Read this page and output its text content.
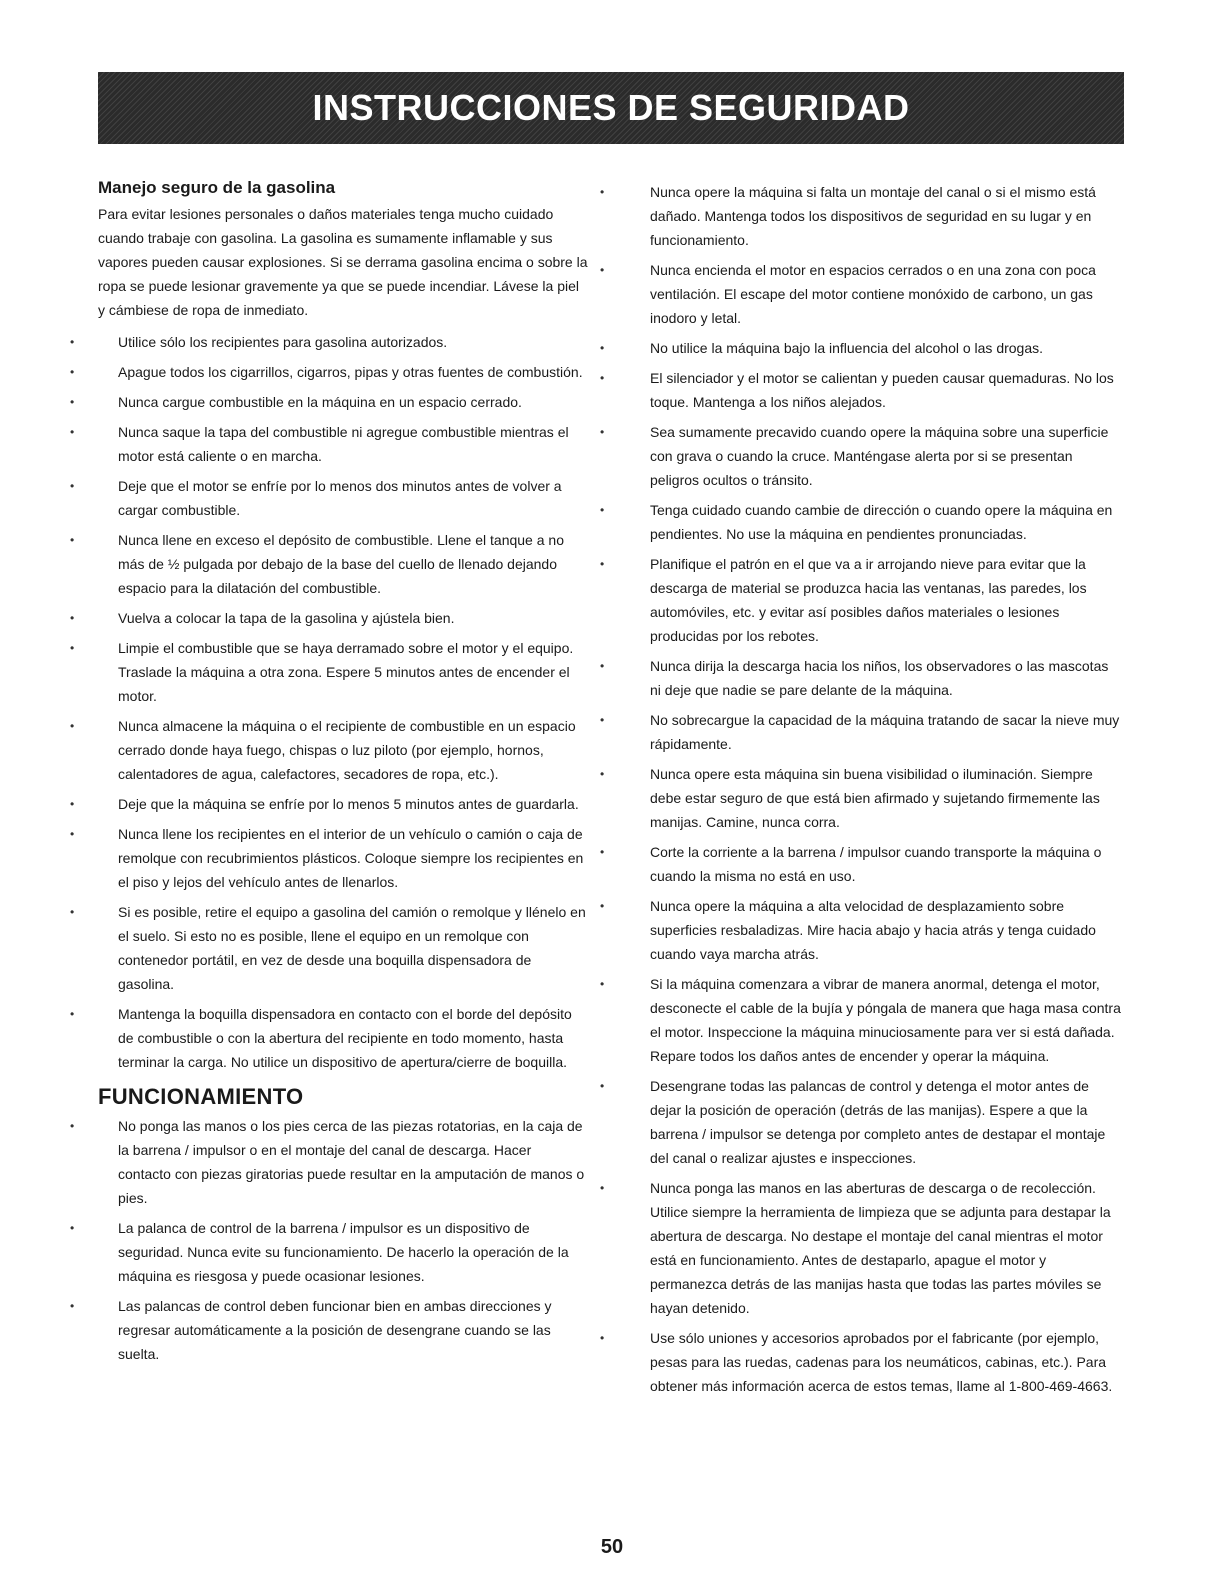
INSTRUCCIONES DE SEGURIDAD
Manejo seguro de la gasolina

Para evitar lesiones personales o daños materiales tenga mucho cuidado cuando trabaje con gasolina. La gasolina es sumamente inflamable y sus vapores pueden causar explosiones. Si se derrama gasolina encima o sobre la ropa se puede lesionar gravemente ya que se puede incendiar. Lávese la piel y cámbiese de ropa de inmediato.

•	Utilice sólo los recipientes para gasolina autorizados.
•	Apague todos los cigarrillos, cigarros, pipas y otras fuentes de combustión.
•	Nunca cargue combustible en la máquina en un espacio cerrado.
•	Nunca saque la tapa del combustible ni agregue combustible mientras el motor está caliente o en marcha.
•	Deje que el motor se enfríe por lo menos dos minutos antes de volver a cargar combustible.
•	Nunca llene en exceso el depósito de combustible. Llene el tanque a no más de ½ pulgada por debajo de la base del cuello de llenado dejando espacio para la dilatación del combustible.
•	Vuelva a colocar la tapa de la gasolina y ajústela bien.
•	Limpie el combustible que se haya derramado sobre el motor y el equipo. Traslade la máquina a otra zona. Espere 5 minutos antes de encender el motor.
•	Nunca almacene la máquina o el recipiente de combustible en un espacio cerrado donde haya fuego, chispas o luz piloto (por ejemplo, hornos, calentadores de agua, calefactores, secadores de ropa, etc.).
•	Deje que la máquina se enfríe por lo menos 5 minutos antes de guardarla.
•	Nunca llene los recipientes en el interior de un vehículo o camión o caja de remolque con recubrimientos plásticos. Coloque siempre los recipientes en el piso y lejos del vehículo antes de llenarlos.
•	Si es posible, retire el equipo a gasolina del camión o remolque y llénelo en el suelo. Si esto no es posible, llene el equipo en un remolque con contenedor portátil, en vez de desde una boquilla dispensadora de gasolina.
•	Mantenga la boquilla dispensadora en contacto con el borde del depósito de combustible o con la abertura del recipiente en todo momento, hasta terminar la carga. No utilice un dispositivo de apertura/cierre de boquilla.
FUNCIONAMIENTO
•	No ponga las manos o los pies cerca de las piezas rotatorias, en la caja de la barrena / impulsor o en el montaje del canal de descarga. Hacer contacto con piezas giratorias puede resultar en la amputación de manos o pies.
•	La palanca de control de la barrena / impulsor es un dispositivo de seguridad. Nunca evite su funcionamiento. De hacerlo la operación de la máquina es riesgosa y puede ocasionar lesiones.
•	Las palancas de control deben funcionar bien en ambas direcciones y regresar automáticamente a la posición de desengrane cuando se las suelta.
•	Nunca opere la máquina si falta un montaje del canal o si el mismo está dañado. Mantenga todos los dispositivos de seguridad en su lugar y en funcionamiento.
•	Nunca encienda el motor en espacios cerrados o en una zona con poca ventilación. El escape del motor contiene monóxido de carbono, un gas inodoro y letal.
•	No utilice la máquina bajo la influencia del alcohol o las drogas.
•	El silenciador y el motor se calientan y pueden causar quemaduras. No los toque. Mantenga a los niños alejados.
•	Sea sumamente precavido cuando opere la máquina sobre una superficie con grava o cuando la cruce. Manténgase alerta por si se presentan peligros ocultos o tránsito.
•	Tenga cuidado cuando cambie de dirección o cuando opere la máquina en pendientes. No use la máquina en pendientes pronunciadas.
•	Planifique el patrón en el que va a ir arrojando nieve para evitar que la descarga de material se produzca hacia las ventanas, las paredes, los automóviles, etc. y evitar así posibles daños materiales o lesiones producidas por los rebotes.
•	Nunca dirija la descarga hacia los niños, los observadores o las mascotas ni deje que nadie se pare delante de la máquina.
•	No sobrecargue la capacidad de la máquina tratando de sacar la nieve muy rápidamente.
•	Nunca opere esta máquina sin buena visibilidad o iluminación. Siempre debe estar seguro de que está bien afirmado y sujetando firmemente las manijas. Camine, nunca corra.
•	Corte la corriente a la barrena / impulsor cuando transporte la máquina o cuando la misma no está en uso.
•	Nunca opere la máquina a alta velocidad de desplazamiento sobre superficies resbaladizas. Mire hacia abajo y hacia atrás y tenga cuidado cuando vaya marcha atrás.
•	Si la máquina comenzara a vibrar de manera anormal, detenga el motor, desconecte el cable de la bujía y póngala de manera que haga masa contra el motor. Inspeccione la máquina minuciosamente para ver si está dañada. Repare todos los daños antes de encender y operar la máquina.
•	Desengrane todas las palancas de control y detenga el motor antes de dejar la posición de operación (detrás de las manijas). Espere a que la barrena / impulsor se detenga por completo antes de destapar el montaje del canal o realizar ajustes e inspecciones.
•	Nunca ponga las manos en las aberturas de descarga o de recolección. Utilice siempre la herramienta de limpieza que se adjunta para destapar la abertura de descarga. No destape el montaje del canal mientras el motor está en funcionamiento. Antes de destaparlo, apague el motor y permanezca detrás de las manijas hasta que todas las partes móviles se hayan detenido.
•	Use sólo uniones y accesorios aprobados por el fabricante (por ejemplo, pesas para las ruedas, cadenas para los neumáticos, cabinas, etc.). Para obtener más información acerca de estos temas, llame al 1-800-469-4663.
50
